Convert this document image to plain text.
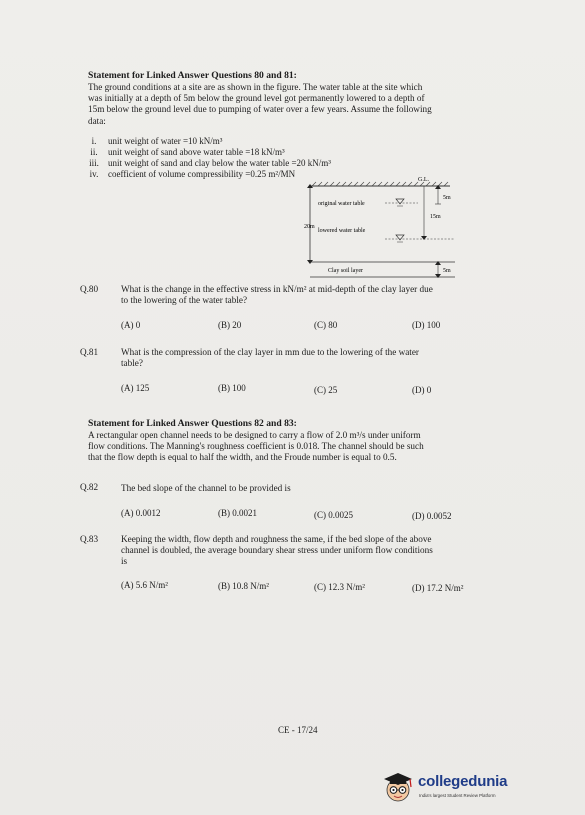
Statement for Linked Answer Questions 80 and 81:
The ground conditions at a site are as shown in the figure. The water table at the site which
was initially at a depth of 5m below the ground level got permanently lowered to a depth of
15m below the ground level due to pumping of water over a few years. Assume the following
data:
i.	unit weight of water =10 kN/m³
ii.	unit weight of sand above water table =18 kN/m³
iii.	unit weight of sand and clay below the water table =20 kN/m³
iv.	coefficient of volume compressibility =0.25 m²/MN
G.L.
20m
original water table
5m
15m
lowered water table
Clay soil layer	5m
Q.80 What is the change in the effective stress in kN/m² at mid-depth of the clay layer due
to the lowering of the water table?
(A) 0	(B) 20	(C) 80	(D) 100
Q.81 What is the compression of the clay layer in mm due to the lowering of the water
table?
(A) 125	(B) 100	(C) 25	(D) 0
Statement for Linked Answer Questions 82 and 83:
A rectangular open channel needs to be designed to carry a flow of 2.0 m³/s under uniform
flow conditions. The Manning's roughness coefficient is 0.018. The channel should be such
that the flow depth is equal to half the width, and the Froude number is equal to 0.5.
Q.82 The bed slope of the channel to be provided is
(A) 0.0012	(B) 0.0021	(C) 0.0025	(D) 0.0052
Q.83 Keeping the width, flow depth and roughness the same, if the bed slope of the above
channel is doubled, the average boundary shear stress under uniform flow conditions
is
(A) 5.6 N/m²	(B) 10.8 N/m²	(C) 12.3 N/m²	(D) 17.2 N/m²
CE - 17/24
collegedunia
India's largest Student Review Platform
